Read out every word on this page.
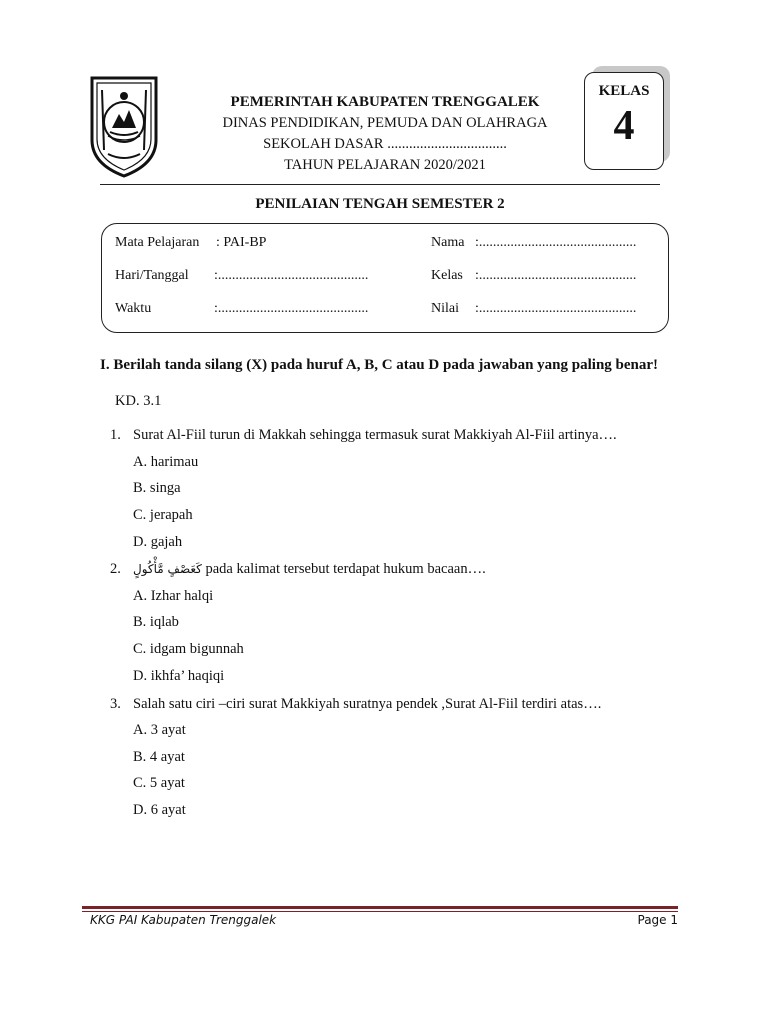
PEMERINTAH KABUPATEN TRENGGALEK
DINAS PENDIDIKAN, PEMUDA DAN OLAHRAGA
SEKOLAH DASAR .................................
TAHUN PELAJARAN 2020/2021
KELAS
4
PENILAIAN TENGAH SEMESTER 2
Mata Pelajaran : PAI-BP
Hari/Tanggal :...........................................
Waktu	:...........................................
Nama :.............................................
Kelas :.............................................
Nilai :.............................................
I. Berilah tanda silang (X) pada huruf A, B, C atau D pada jawaban yang paling benar!
KD. 3.1
1. Surat Al-Fiil turun di Makkah sehingga termasuk surat Makkiyah Al-Fiil artinya….
A. harimau
B. singa
C. jerapah
D. gajah
2. كَعَصْفٍ مَّأْكُولٍ pada kalimat tersebut terdapat hukum bacaan….
A. Izhar halqi
B. iqlab
C. idgam bigunnah
D. ikhfa’ haqiqi
3. Salah satu ciri –ciri surat Makkiyah suratnya pendek ,Surat Al-Fiil terdiri atas….
A. 3 ayat
B. 4 ayat
C. 5 ayat
D. 6 ayat
KKG PAI Kabupaten Trenggalek	Page 1
